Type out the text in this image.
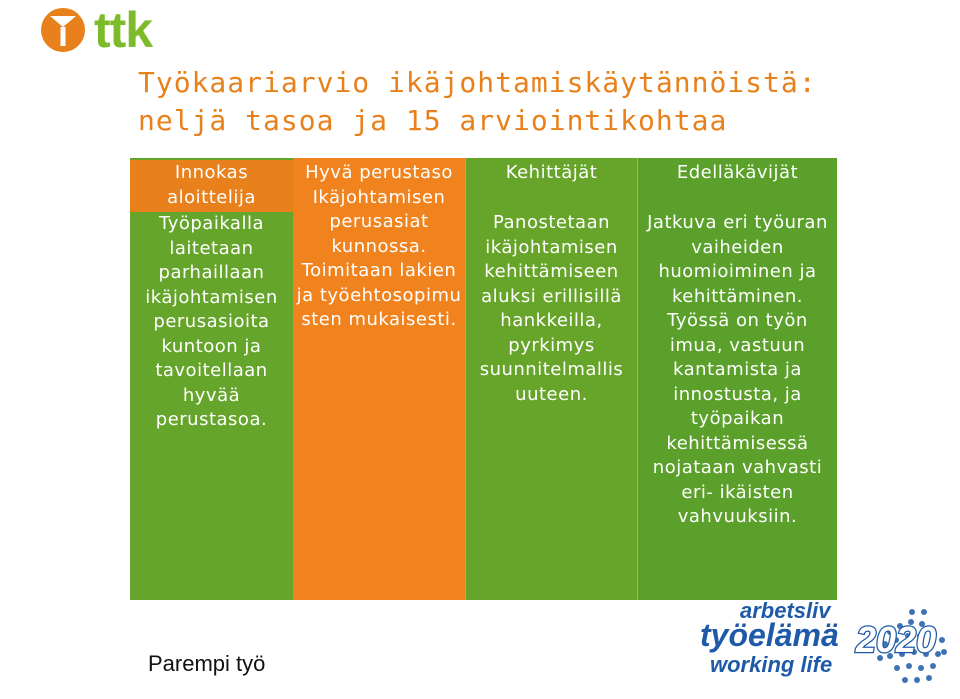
ttk
Työkaariarvio ikäjohtamiskäytännöistä:
neljä tasoa ja 15 arviointikohtaa
Innokas aloittelija
Työpaikalla laitetaan parhaillaan ikäjohtamisen perusasioita kuntoon ja tavoitellaan hyvää perustasoa.
Hyvä perustaso
Ikäjohtamisen perusasiat kunnossa. Toimitaan lakien ja työehtosopimu sten mukaisesti.
Kehittäjät
Panostetaan ikäjohtamisen kehittämiseen aluksi erillisillä hankkeilla, pyrkimys suunnitelmallis uuteen.
Edelläkävijät
Jatkuva eri työuran vaiheiden huomioiminen ja kehittäminen. Työssä on työn imua, vastuun kantamista ja innostusta, ja työpaikan kehittämisessä nojataan vahvasti eri- ikäisten vahvuuksiin.
Parempi työ
arbetsliv
työelämä
working life
2020
